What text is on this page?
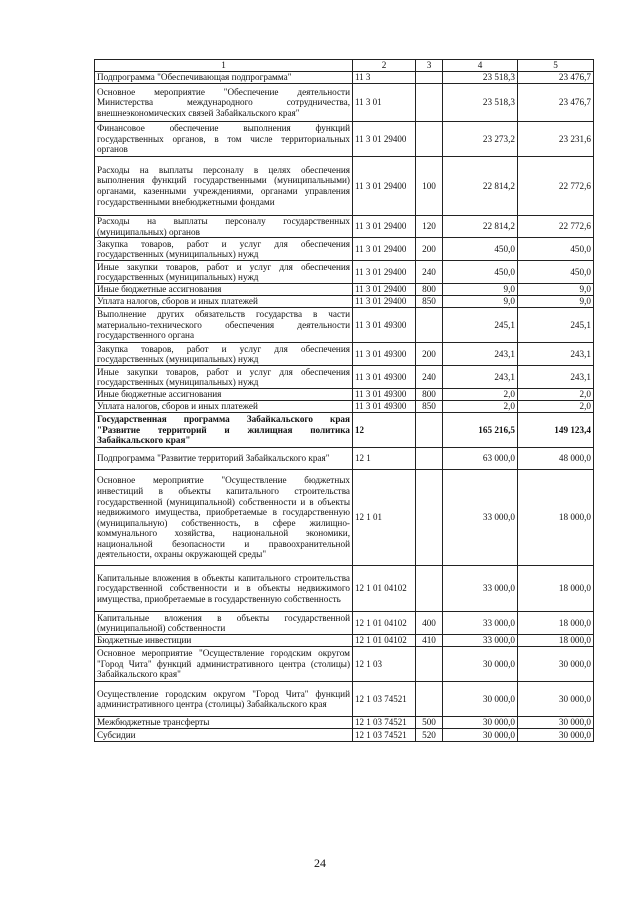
1	2	3	4	5
Подпрограмма "Обеспечивающая подпрограмма"	11 3		23 518,3	23 476,7
Основное мероприятие "Обеспечение деятельности Министерства международного сотрудничества, внешнеэкономических связей Забайкальского края"	11 3 01		23 518,3	23 476,7
Финансовое обеспечение выполнения функций государственных органов, в том числе территориальных органов	11 3 01 29400		23 273,2	23 231,6
Расходы на выплаты персоналу в целях обеспечения выполнения функций государственными (муниципальными) органами, казенными учреждениями, органами управления государственными внебюджетными фондами	11 3 01 29400	100	22 814,2	22 772,6
Расходы на выплаты персоналу государственных (муниципальных) органов	11 3 01 29400	120	22 814,2	22 772,6
Закупка товаров, работ и услуг для обеспечения государственных (муниципальных) нужд	11 3 01 29400	200	450,0	450,0
Иные закупки товаров, работ и услуг для обеспечения государственных (муниципальных) нужд	11 3 01 29400	240	450,0	450,0
Иные бюджетные ассигнования	11 3 01 29400	800	9,0	9,0
Уплата налогов, сборов и иных платежей	11 3 01 29400	850	9,0	9,0
Выполнение других обязательств государства в части материально-технического обеспечения деятельности государственного органа	11 3 01 49300		245,1	245,1
Закупка товаров, работ и услуг для обеспечения государственных (муниципальных) нужд	11 3 01 49300	200	243,1	243,1
Иные закупки товаров, работ и услуг для обеспечения государственных (муниципальных) нужд	11 3 01 49300	240	243,1	243,1
Иные бюджетные ассигнования	11 3 01 49300	800	2,0	2,0
Уплата налогов, сборов и иных платежей	11 3 01 49300	850	2,0	2,0
Государственная программа Забайкальского края "Развитие территорий и жилищная политика Забайкальского края"	12		165 216,5	149 123,4
Подпрограмма "Развитие территорий Забайкальского края"	12 1		63 000,0	48 000,0
Основное мероприятие "Осуществление бюджетных инвестиций в объекты капитального строительства государственной (муниципальной) собственности и в объекты недвижимого имущества, приобретаемые в государственную (муниципальную) собственность, в сфере жилищно-коммунального хозяйства, национальной экономики, национальной безопасности и правоохранительной деятельности, охраны окружающей среды"	12 1 01		33 000,0	18 000,0
Капитальные вложения в объекты капитального строительства государственной собственности и в объекты недвижимого имущества, приобретаемые в государственную собственность	12 1 01 04102		33 000,0	18 000,0
Капитальные вложения в объекты государственной (муниципальной) собственности	12 1 01 04102	400	33 000,0	18 000,0
Бюджетные инвестиции	12 1 01 04102	410	33 000,0	18 000,0
Основное мероприятие "Осуществление городским округом "Город Чита" функций административного центра (столицы) Забайкальского края"	12 1 03		30 000,0	30 000,0
Осуществление городским округом "Город Чита" функций административного центра (столицы) Забайкальского края	12 1 03 74521		30 000,0	30 000,0
Межбюджетные трансферты	12 1 03 74521	500	30 000,0	30 000,0
Субсидии	12 1 03 74521	520	30 000,0	30 000,0
24
